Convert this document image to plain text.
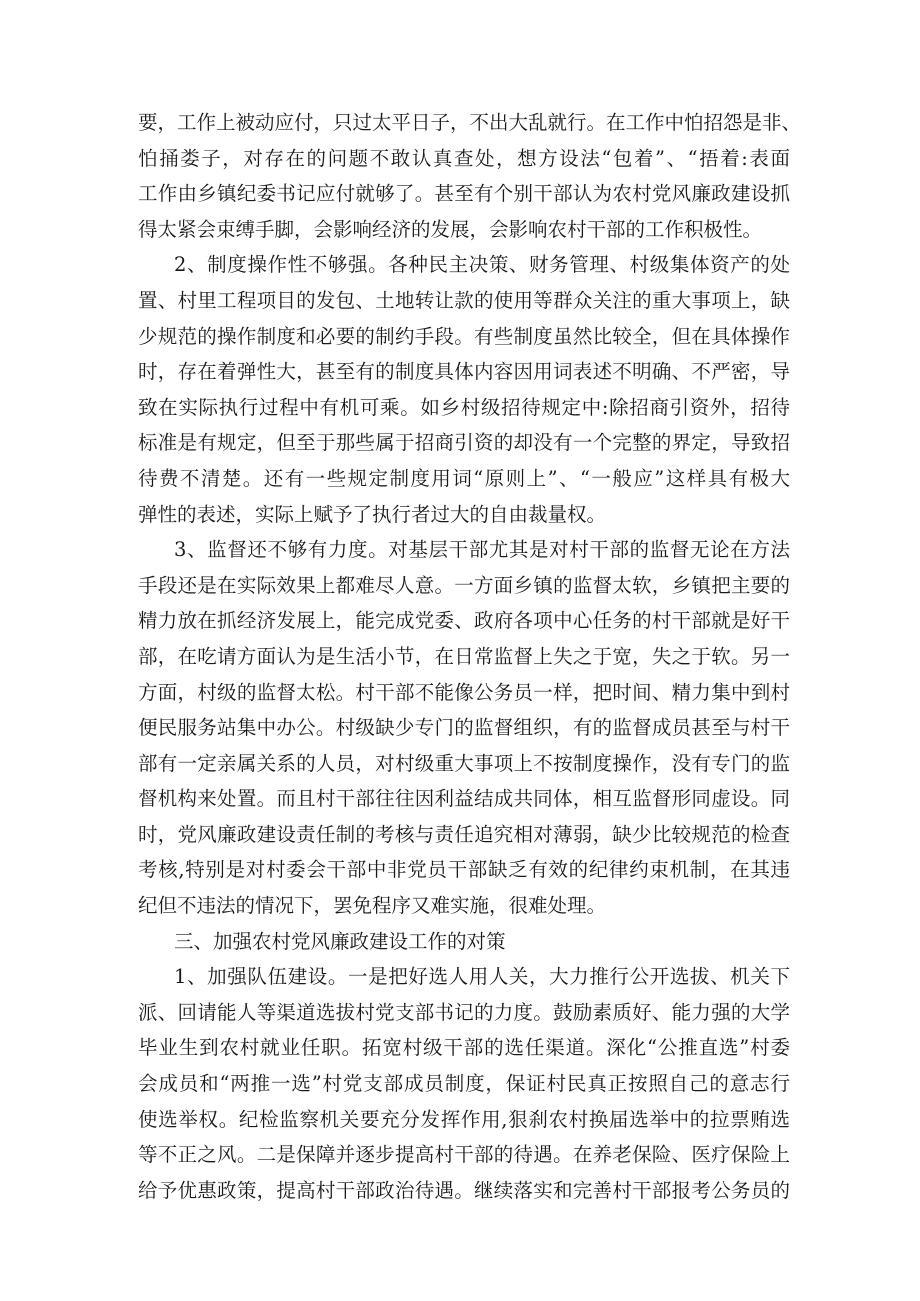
要，工作上被动应付，只过太平日子，不出大乱就行。在工作中怕招怨是非、
怕捅娄子，对存在的问题不敢认真查处，想方设法“包着”、“捂着:表面
工作由乡镇纪委书记应付就够了。甚至有个别干部认为农村党风廉政建设抓
得太紧会束缚手脚，会影响经济的发展，会影响农村干部的工作积极性。
2、制度操作性不够强。各种民主决策、财务管理、村级集体资产的处
置、村里工程项目的发包、土地转让款的使用等群众关注的重大事项上，缺
少规范的操作制度和必要的制约手段。有些制度虽然比较全，但在具体操作
时，存在着弹性大，甚至有的制度具体内容因用词表述不明确、不严密，导
致在实际执行过程中有机可乘。如乡村级招待规定中:除招商引资外，招待
标准是有规定，但至于那些属于招商引资的却没有一个完整的界定，导致招
待费不清楚。还有一些规定制度用词“原则上”、“一般应”这样具有极大
弹性的表述，实际上赋予了执行者过大的自由裁量权。
3、监督还不够有力度。对基层干部尤其是对村干部的监督无论在方法
手段还是在实际效果上都难尽人意。一方面乡镇的监督太软，乡镇把主要的
精力放在抓经济发展上，能完成党委、政府各项中心任务的村干部就是好干
部，在吃请方面认为是生活小节，在日常监督上失之于宽，失之于软。另一
方面，村级的监督太松。村干部不能像公务员一样，把时间、精力集中到村
便民服务站集中办公。村级缺少专门的监督组织，有的监督成员甚至与村干
部有一定亲属关系的人员，对村级重大事项上不按制度操作，没有专门的监
督机构来处置。而且村干部往往因利益结成共同体，相互监督形同虚设。同
时，党风廉政建设责任制的考核与责任追究相对薄弱，缺少比较规范的检查
考核,特别是对村委会干部中非党员干部缺乏有效的纪律约束机制，在其违
纪但不违法的情况下，罢免程序又难实施，很难处理。
三、加强农村党风廉政建设工作的对策
1、加强队伍建设。一是把好选人用人关，大力推行公开选拔、机关下
派、回请能人等渠道选拔村党支部书记的力度。鼓励素质好、能力强的大学
毕业生到农村就业任职。拓宽村级干部的选任渠道。深化“公推直选”村委
会成员和“两推一选”村党支部成员制度，保证村民真正按照自己的意志行
使选举权。纪检监察机关要充分发挥作用,狠刹农村换届选举中的拉票贿选
等不正之风。二是保障并逐步提高村干部的待遇。在养老保险、医疗保险上
给予优惠政策，提高村干部政治待遇。继续落实和完善村干部报考公务员的
